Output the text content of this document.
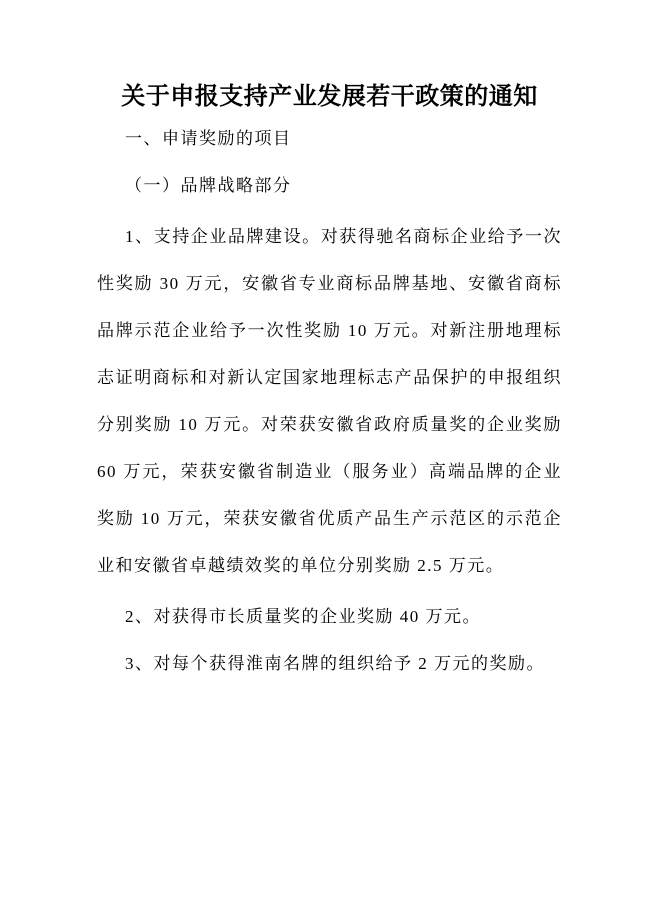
关于申报支持产业发展若干政策的通知

一、申请奖励的项目

（一）品牌战略部分

1、支持企业品牌建设。对获得驰名商标企业给予一次性奖励 30 万元，安徽省专业商标品牌基地、安徽省商标品牌示范企业给予一次性奖励 10 万元。对新注册地理标志证明商标和对新认定国家地理标志产品保护的申报组织分别奖励 10 万元。对荣获安徽省政府质量奖的企业奖励 60 万元，荣获安徽省制造业（服务业）高端品牌的企业奖励 10 万元，荣获安徽省优质产品生产示范区的示范企业和安徽省卓越绩效奖的单位分别奖励 2.5 万元。

2、对获得市长质量奖的企业奖励 40 万元。

3、对每个获得淮南名牌的组织给予 2 万元的奖励。
